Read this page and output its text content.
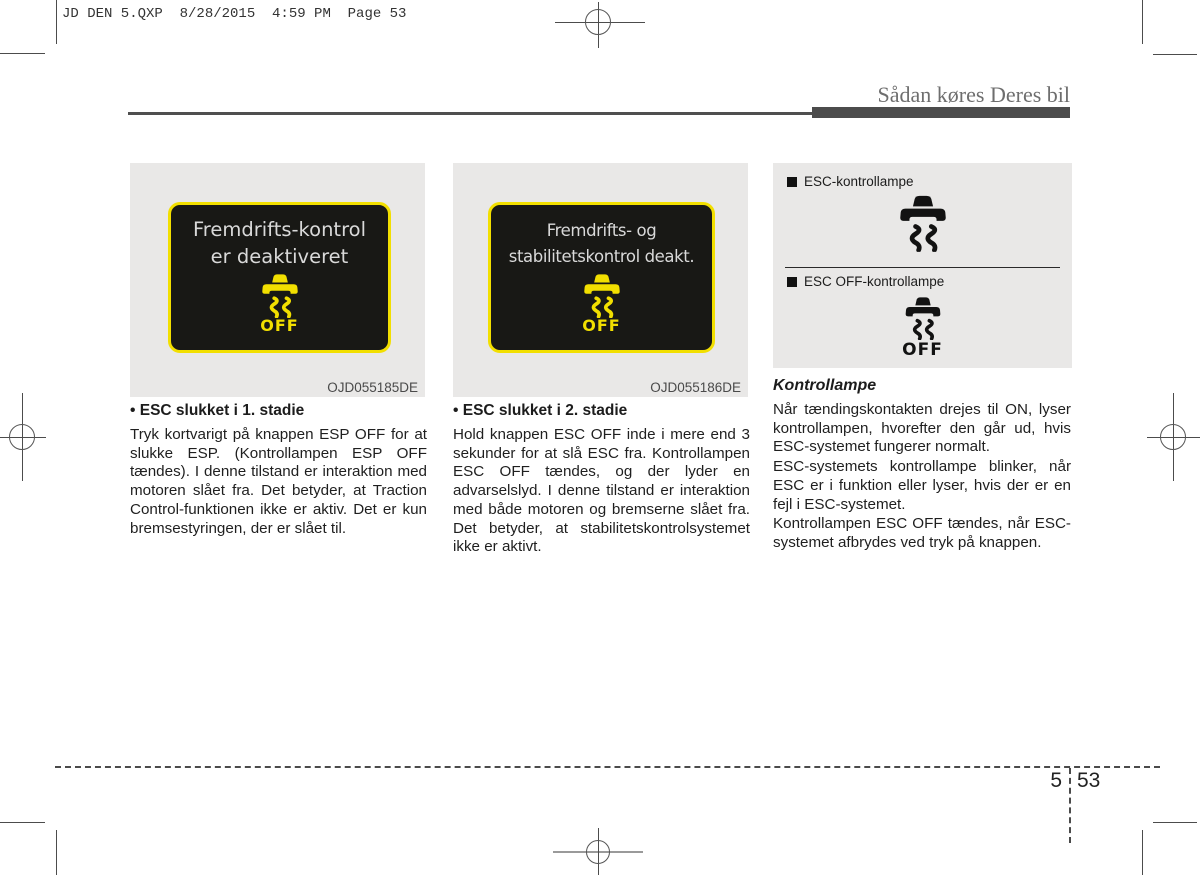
JD DEN 5.QXP  8/28/2015  4:59 PM  Page 53
Sådan køres Deres bil
Fremdrifts-kontrol
er deaktiveret
OFF
OJD055185DE
Fremdrifts- og
stabilitetskontrol deakt.
OFF
OJD055186DE
ESC-kontrollampe
ESC OFF-kontrollampe
OFF
• ESC slukket i 1. stadie

Tryk kortvarigt på knappen ESP OFF for at slukke ESP. (Kontrollampen ESP OFF tændes). I denne tilstand er interaktion med motoren slået fra. Det betyder, at Traction Control-funktionen ikke er aktiv. Det er kun bremsestyringen, der er slået til.

• ESC slukket i 2. stadie

Hold knappen ESC OFF inde i mere end 3 sekunder for at slå ESC fra. Kontrollampen ESC OFF tændes, og der lyder en advarselslyd. I denne tilstand er interaktion med både motoren og bremserne slået fra. Det betyder, at stabilitetskontrolsystemet ikke er aktivt.

Kontrollampe

Når tændingskontakten drejes til ON, lyser kontrollampen, hvorefter den går ud, hvis ESC-systemet fungerer normalt.

ESC-systemets kontrollampe blinker, når ESC er i funktion eller lyser, hvis der er en fejl i ESC-systemet.

Kontrollampen ESC OFF tændes, når ESC-systemet afbrydes ved tryk på knappen.

5 53
